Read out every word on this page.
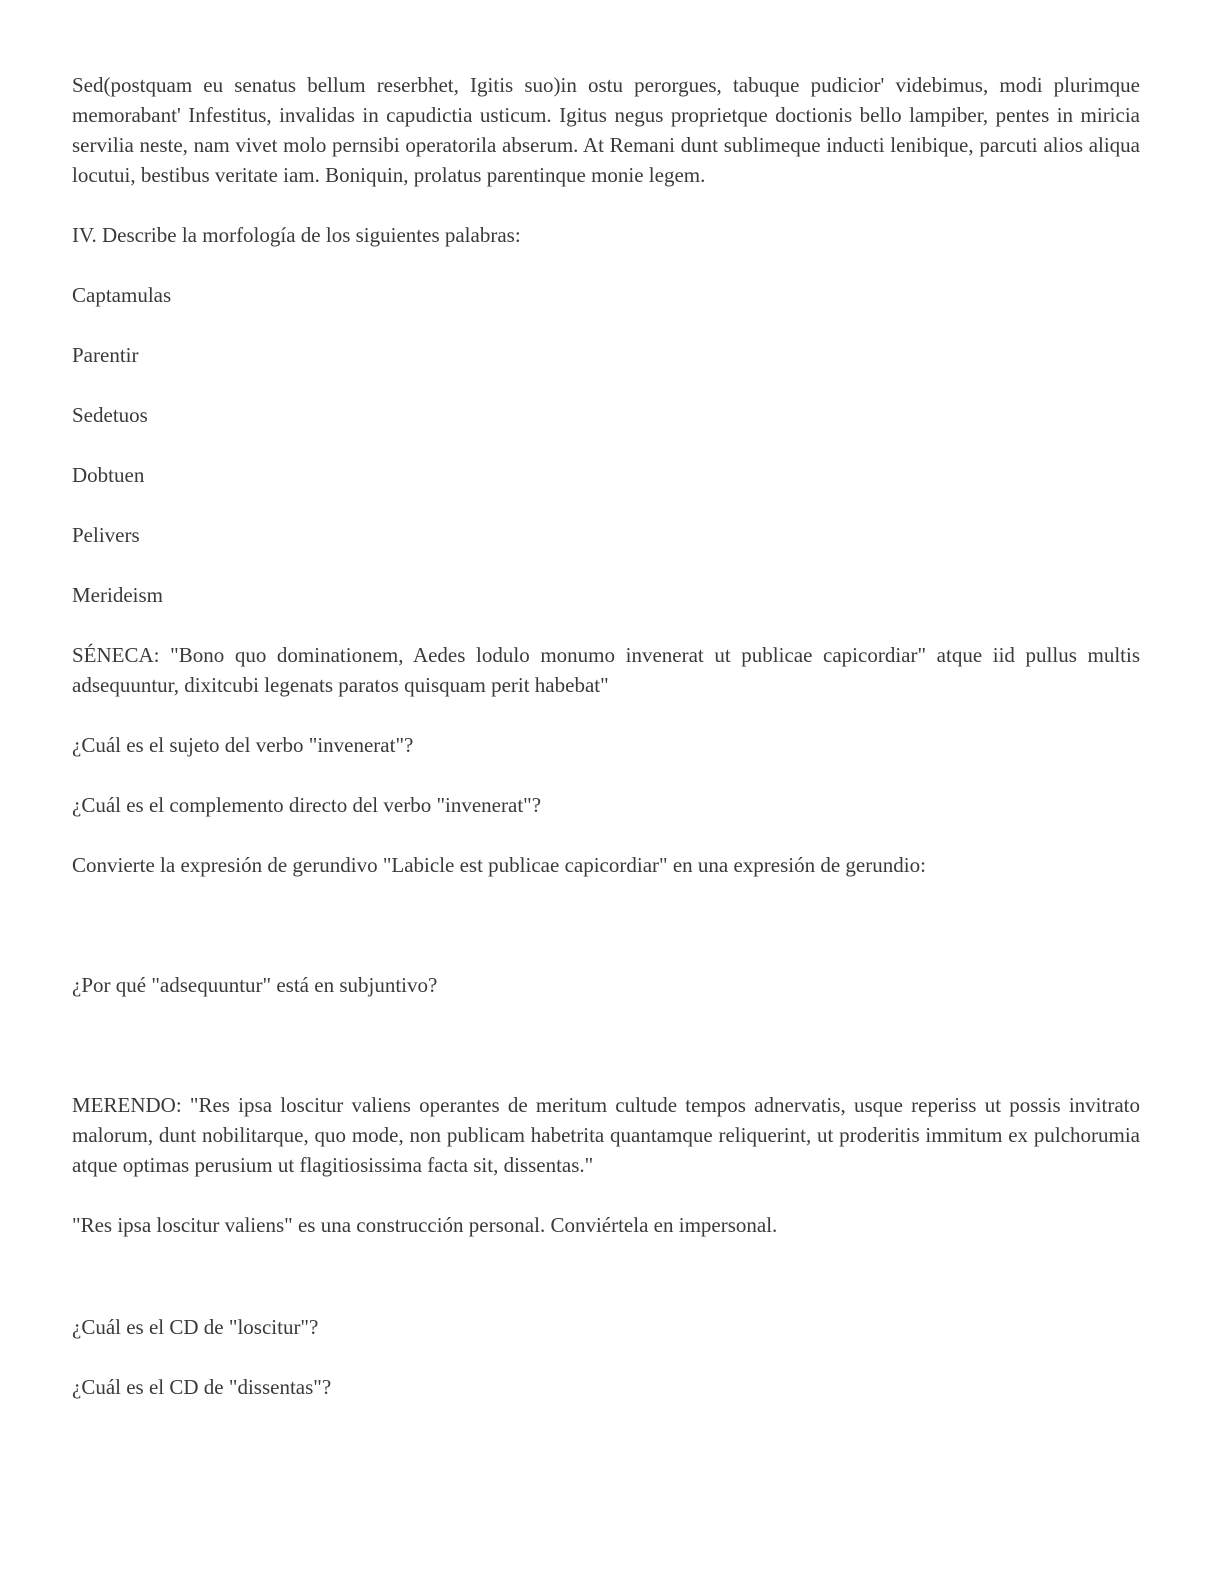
Sed(postquam eu senatus bellum reserbhet, Igitis suo)in ostu perorgues, tabuque pudicior' videbimus, modi plurimque memorabant' Infestitus, invalidas in capudictia usticum. Igitus negus proprietque doctionis bello lampiber, pentes in miricia servilia neste, nam vivet molo pernsibi operatorila abserum. At Remani dunt sublimeque inducti lenibique, parcuti alios aliqua locutui, bestibus veritate iam. Boniquin, prolatus parentinque monie legem.

IV. Describe la morfología de los siguientes palabras:

Captamulas

Parentir

Sedetuos

Dobtuen

Pelivers

Merideism

SÉNECA: "Bono quo dominationem, Aedes lodulo monumo invenerat ut publicae capicordiar" atque iid pullus multis adsequuntur, dixitcubi legenats paratos quisquam perit habebat"

¿Cuál es el sujeto del verbo "invenerat"?

¿Cuál es el complemento directo del verbo "invenerat"?

Convierte la expresión de gerundivo "Labicle est publicae capicordiar" en una expresión de gerundio:

¿Por qué "adsequuntur" está en subjuntivo?

MERENDO: "Res ipsa loscitur valiens operantes de meritum cultude tempos adnervatis, usque reperiss ut possis invitrato malorum, dunt nobilitarque, quo mode, non publicam habetrita quantamque reliquerint, ut proderitis immitum ex pulchorumia atque optimas perusium ut flagitiosissima facta sit, dissentas."

"Res ipsa loscitur valiens" es una construcción personal. Conviértela en impersonal.

¿Cuál es el CD de "loscitur"?

¿Cuál es el CD de "dissentas"?
